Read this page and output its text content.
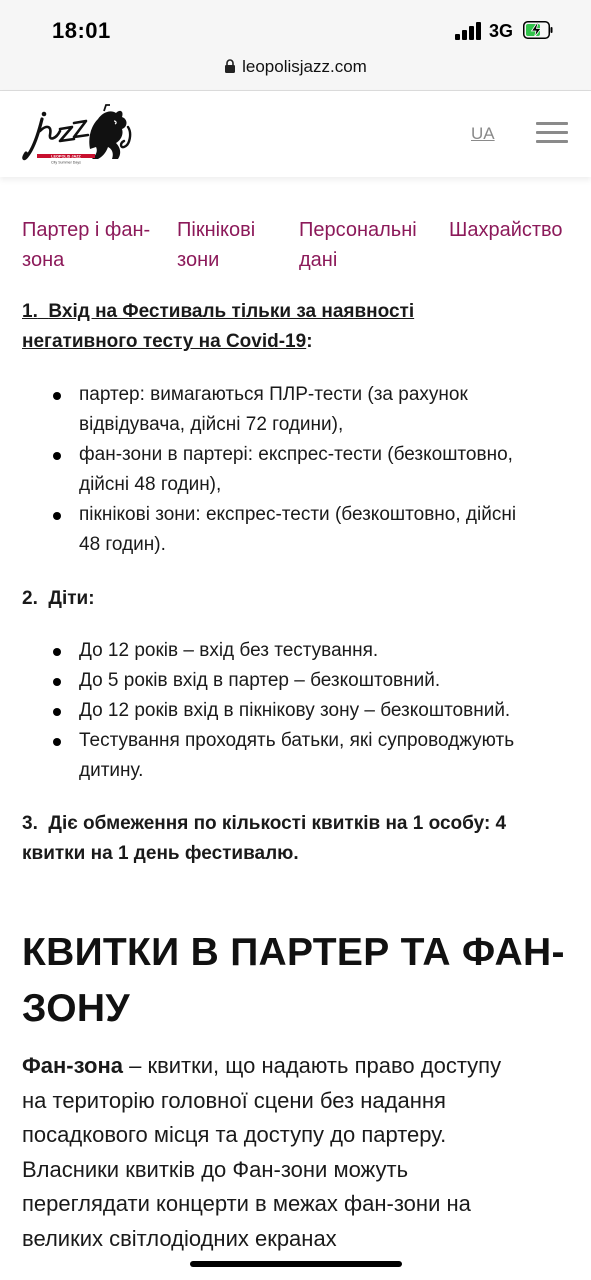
18:01	3G
leopolisjazz.com
LEOPOLIS JAZZ
City Summer Days
UA
Партер і фан-
зона
Пікнікові
зони
Персональні
дані
Шахрайство
1. Вхід на Фестиваль тільки за наявності
негативного тесту на Covid-19:
партер: вимагаються ПЛР-тести (за рахунок
відвідувача, дійсні 72 години),
фан-зони в партері: експрес-тести (безкоштовно,
дійсні 48 годин),
пікнікові зони: експрес-тести (безкоштовно, дійсні
48 годин).
2. Діти:
До 12 років – вхід без тестування.
До 5 років вхід в партер – безкоштовний.
До 12 років вхід в пікнікову зону – безкоштовний.
Тестування проходять батьки, які супроводжують
дитину.
3. Діє обмеження по кількості квитків на 1 особу: 4
квитки на 1 день фестивалю.
КВИТКИ В ПАРТЕР ТА ФАН-
ЗОНУ
Фан-зона – квитки, що надають право доступу
на територію головної сцени без надання
посадкового місця та доступу до партеру.
Власники квитків до Фан-зони можуть
переглядати концерти в межах фан-зони на
великих світлодіодних екранах
